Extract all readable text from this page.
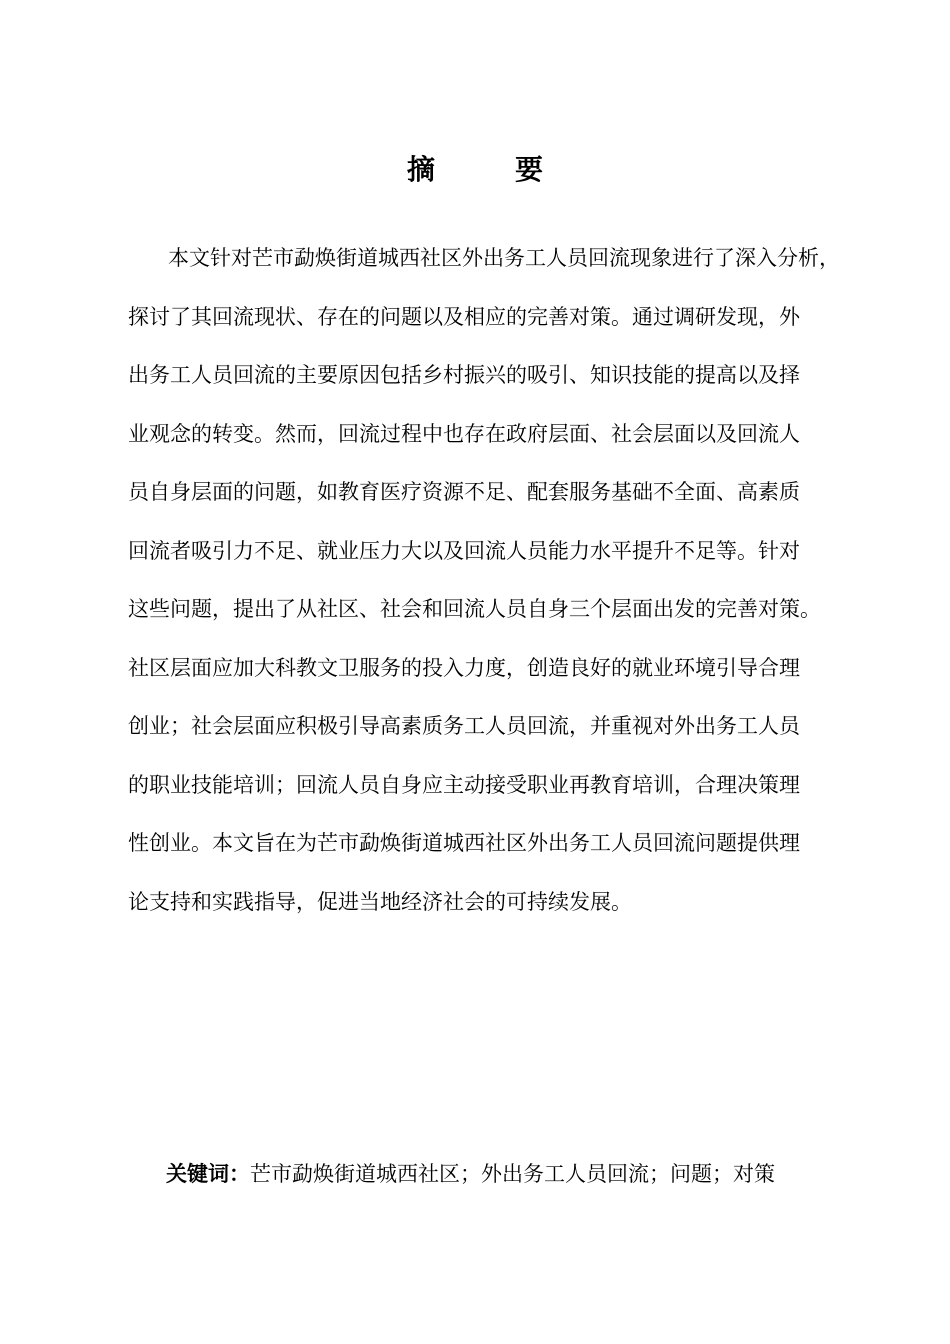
摘　要
本文针对芒市勐焕街道城西社区外出务工人员回流现象进行了深入分析，
探讨了其回流现状、存在的问题以及相应的完善对策。通过调研发现，外
出务工人员回流的主要原因包括乡村振兴的吸引、知识技能的提高以及择
业观念的转变。然而，回流过程中也存在政府层面、社会层面以及回流人
员自身层面的问题，如教育医疗资源不足、配套服务基础不全面、高素质
回流者吸引力不足、就业压力大以及回流人员能力水平提升不足等。针对
这些问题，提出了从社区、社会和回流人员自身三个层面出发的完善对策。
社区层面应加大科教文卫服务的投入力度，创造良好的就业环境引导合理
创业；社会层面应积极引导高素质务工人员回流，并重视对外出务工人员
的职业技能培训；回流人员自身应主动接受职业再教育培训，合理决策理
性创业。本文旨在为芒市勐焕街道城西社区外出务工人员回流问题提供理
论支持和实践指导，促进当地经济社会的可持续发展。
关键词：芒市勐焕街道城西社区；外出务工人员回流；问题；对策
